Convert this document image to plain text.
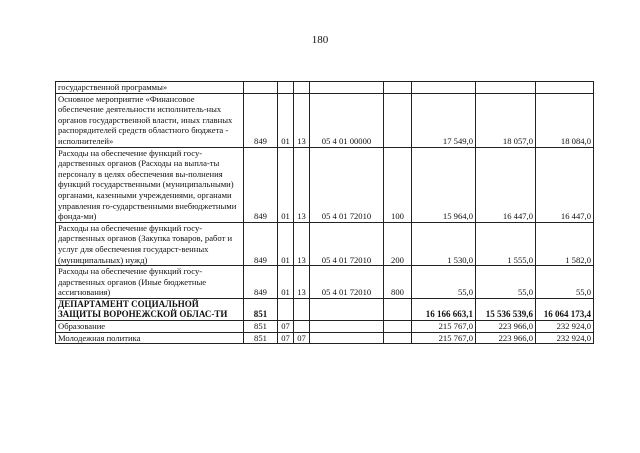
180
государственной программы»								
Основное мероприятие «Финансовое обеспечение деятельности исполнитель-ных органов государственной власти, иных главных распорядителей средств областного бюджета - исполнителей»	849	01	13	05 4 01 00000		17 549,0	18 057,0	18 084,0
Расходы на обеспечение функций госу-дарственных органов (Расходы на выпла-ты персоналу в целях обеспечения вы-полнения функций государственными (муниципальными) органами, казенными учреждениями, органами управления го-сударственными внебюджетными фонда-ми)	849	01	13	05 4 01 72010	100	15 964,0	16 447,0	16 447,0
Расходы на обеспечение функций госу-дарственных органов (Закупка товаров, работ и услуг для обеспечения государст-венных (муниципальных) нужд)	849	01	13	05 4 01 72010	200	1 530,0	1 555,0	1 582,0
Расходы на обеспечение функций госу-дарственных органов (Иные бюджетные ассигнования)	849	01	13	05 4 01 72010	800	55,0	55,0	55,0
ДЕПАРТАМЕНТ СОЦИАЛЬНОЙ ЗАЩИТЫ ВОРОНЕЖСКОЙ ОБЛАС-ТИ	851					16 166 663,1	15 536 539,6	16 064 173,4
Образование	851	07				215 767,0	223 966,0	232 924,0
Молодежная политика	851	07	07			215 767,0	223 966,0	232 924,0
